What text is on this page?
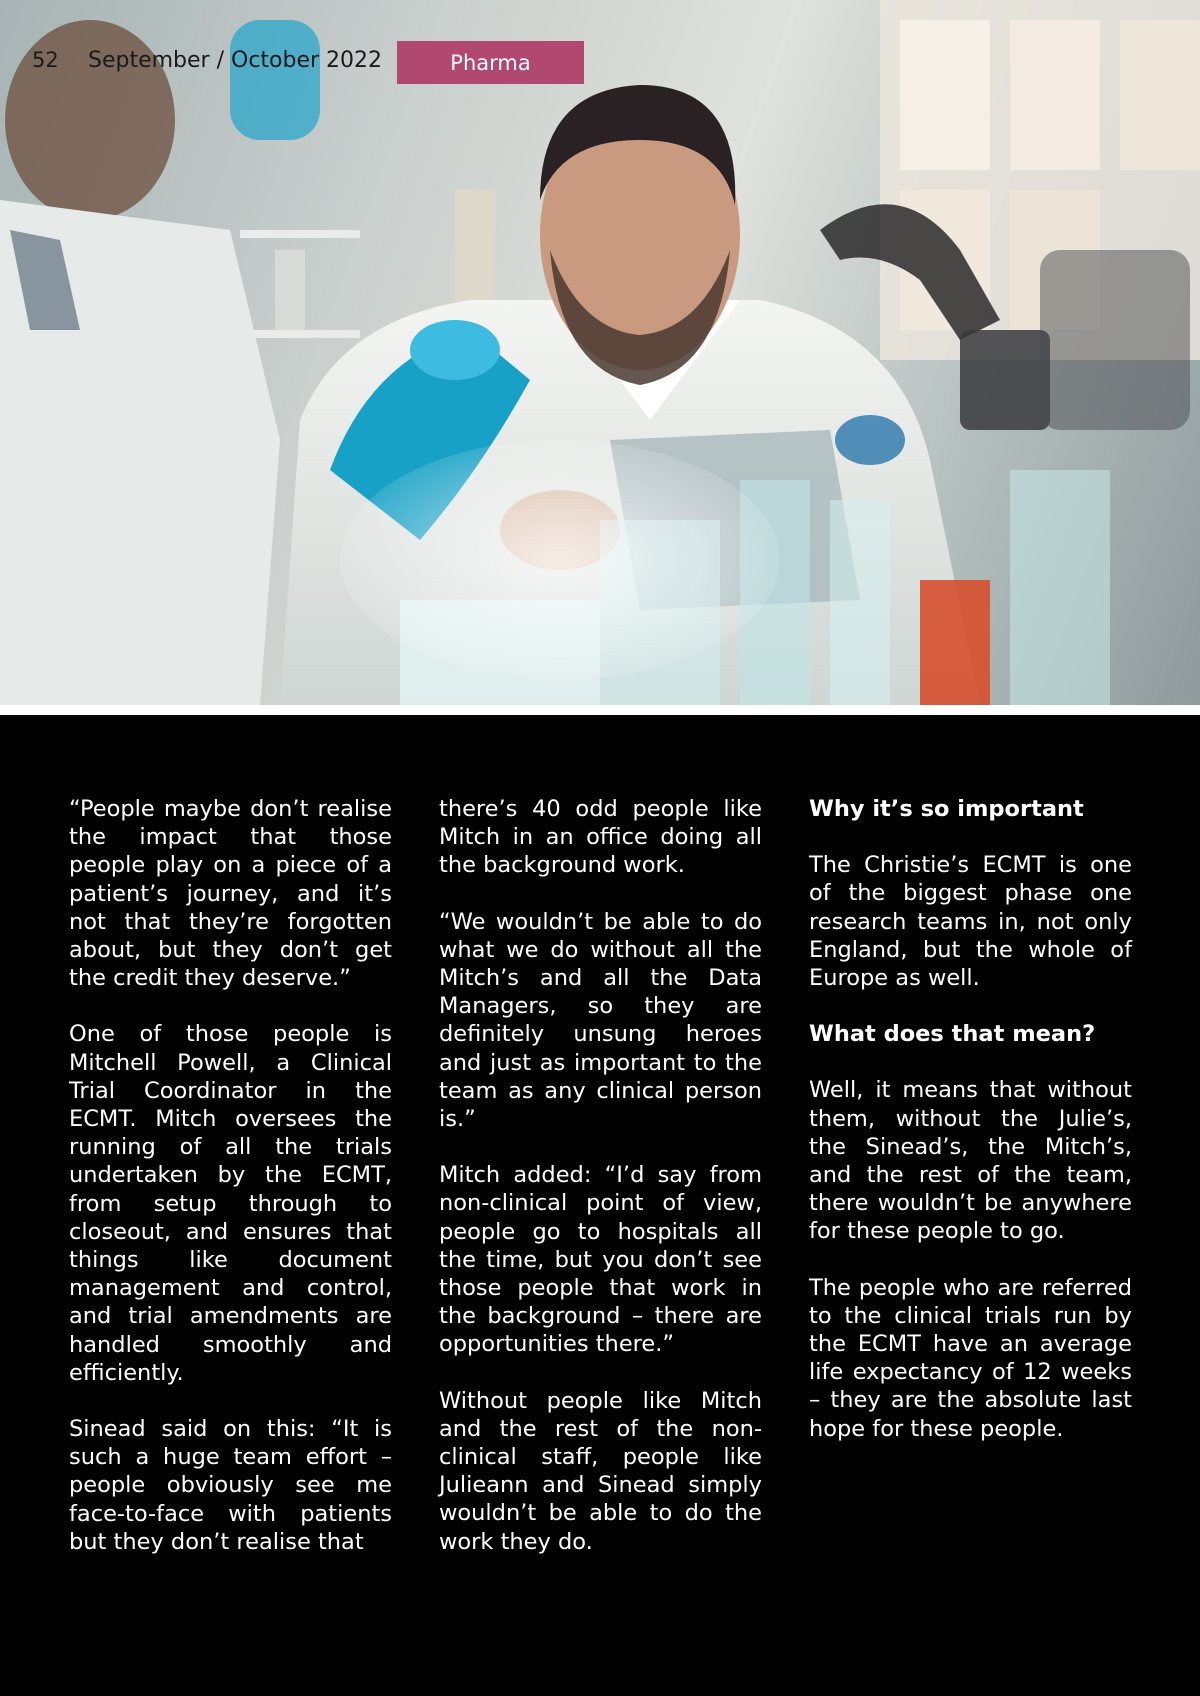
52 September / October 2022	Pharma

“People maybe don’t realise the impact that those people play on a piece of a patient’s journey, and it’s not that they’re forgotten about, but they don’t get the credit they deserve.”

One of those people is Mitchell Powell, a Clinical Trial Coordinator in the ECMT. Mitch oversees the running of all the trials undertaken by the ECMT, from setup through to closeout, and ensures that things like document management and control, and trial amendments are handled smoothly and efficiently.

Sinead said on this: “It is such a huge team effort – people obviously see me face-to-face with patients but they don’t realise that

there’s 40 odd people like Mitch in an office doing all the background work.

“We wouldn’t be able to do what we do without all the Mitch’s and all the Data Managers, so they are definitely unsung heroes and just as important to the team as any clinical person is.”

Mitch added: “I’d say from non-clinical point of view, people go to hospitals all the time, but you don’t see those people that work in the background – there are opportunities there.”

Without people like Mitch and the rest of the non-clinical staff, people like Julieann and Sinead simply wouldn’t be able to do the work they do.

Why it’s so important

The Christie’s ECMT is one of the biggest phase one research teams in, not only England, but the whole of Europe as well.

What does that mean?

Well, it means that without them, without the Julie’s, the Sinead’s, the Mitch’s, and the rest of the team, there wouldn’t be anywhere for these people to go.

The people who are referred to the clinical trials run by the ECMT have an average life expectancy of 12 weeks – they are the absolute last hope for these people.
